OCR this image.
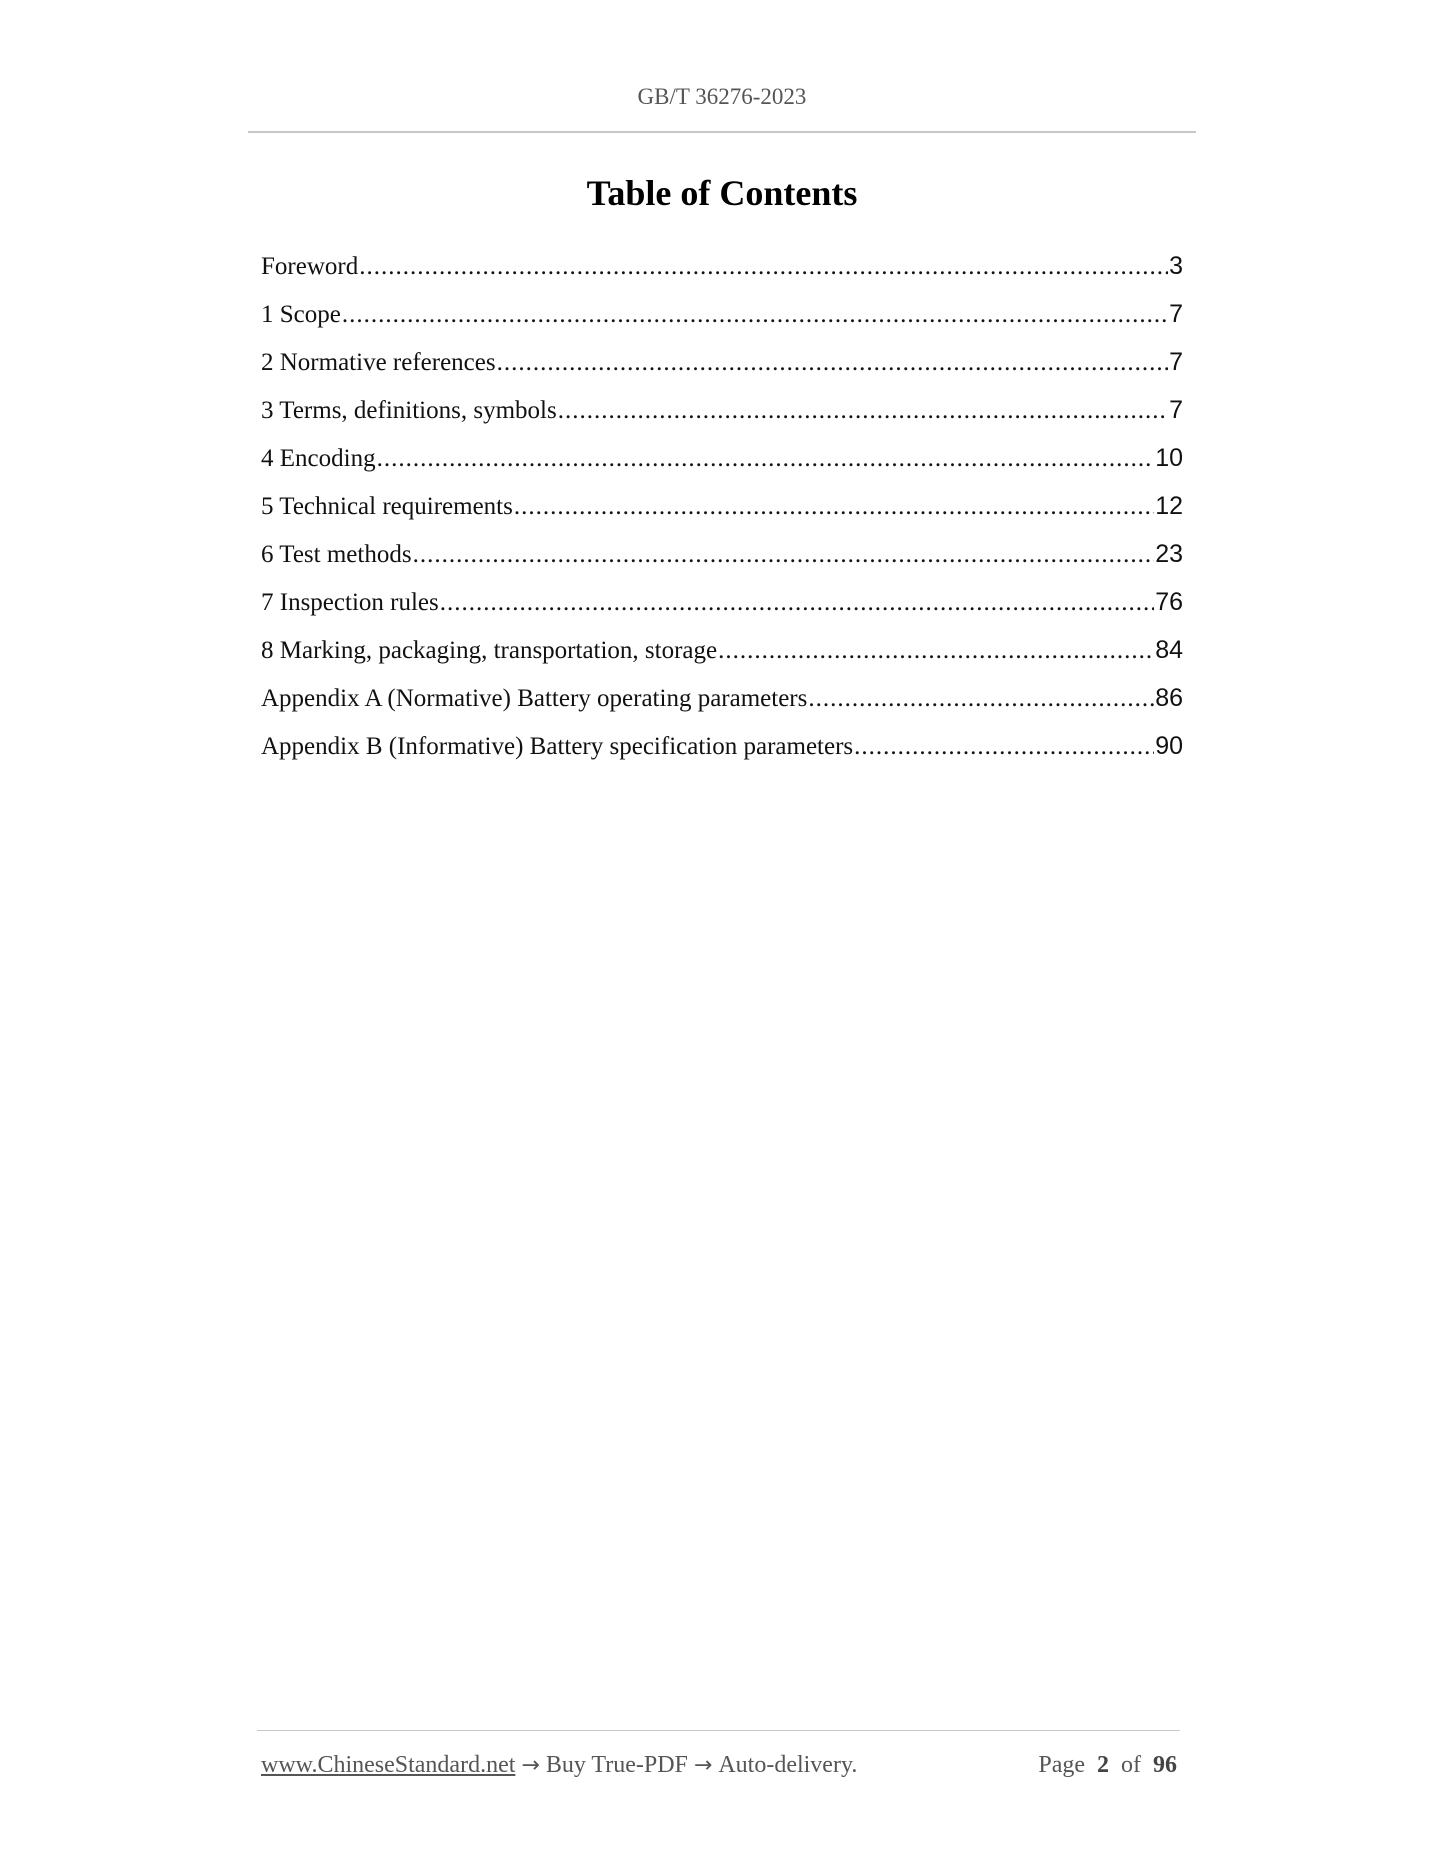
GB/T 36276-2023
Table of Contents
Foreword .....	3
1 Scope .....	7
2 Normative references .....	7
3 Terms, definitions, symbols .....	7
4 Encoding .....	10
5 Technical requirements .....	12
6 Test methods .....	23
7 Inspection rules .....	76
8 Marking, packaging, transportation, storage .....	84
Appendix A (Normative) Battery operating parameters .....	86
Appendix B (Informative) Battery specification parameters .....	90
www.ChineseStandard.net → Buy True-PDF → Auto-delivery.	Page 2 of 96
